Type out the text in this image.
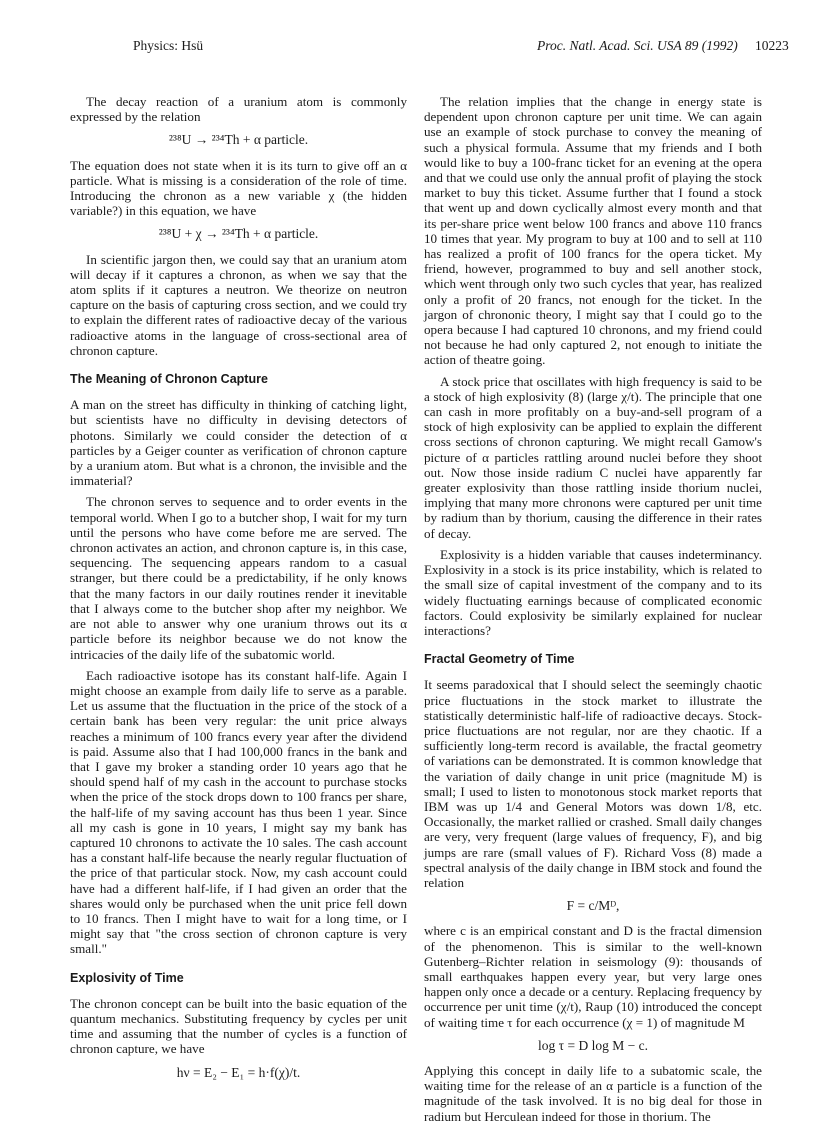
Physics: Hsü	Proc. Natl. Acad. Sci. USA 89 (1992) 10223

The decay reaction of a uranium atom is commonly expressed by the relation

²³⁸U → ²³⁴Th + α particle.

The equation does not state when it is its turn to give off an α particle. What is missing is a consideration of the role of time. Introducing the chronon as a new variable χ (the hidden variable?) in this equation, we have

²³⁸U + χ → ²³⁴Th + α particle.

In scientific jargon then, we could say that an uranium atom will decay if it captures a chronon, as when we say that the atom splits if it captures a neutron. We theorize on neutron capture on the basis of capturing cross section, and we could try to explain the different rates of radioactive decay of the various radioactive atoms in the language of cross-sectional area of chronon capture.

The Meaning of Chronon Capture

A man on the street has difficulty in thinking of catching light, but scientists have no difficulty in devising detectors of photons. Similarly we could consider the detection of α particles by a Geiger counter as verification of chronon capture by a uranium atom. But what is a chronon, the invisible and the immaterial?

The chronon serves to sequence and to order events in the temporal world. When I go to a butcher shop, I wait for my turn until the persons who have come before me are served. The chronon activates an action, and chronon capture is, in this case, sequencing. The sequencing appears random to a casual stranger, but there could be a predictability, if he only knows that the many factors in our daily routines render it inevitable that I always come to the butcher shop after my neighbor. We are not able to answer why one uranium throws out its α particle before its neighbor because we do not know the intricacies of the daily life of the subatomic world.

Each radioactive isotope has its constant half-life. Again I might choose an example from daily life to serve as a parable. Let us assume that the fluctuation in the price of the stock of a certain bank has been very regular: the unit price always reaches a minimum of 100 francs every year after the dividend is paid. Assume also that I had 100,000 francs in the bank and that I gave my broker a standing order 10 years ago that he should spend half of my cash in the account to purchase stocks when the price of the stock drops down to 100 francs per share, the half-life of my saving account has thus been 1 year. Since all my cash is gone in 10 years, I might say my bank has captured 10 chronons to activate the 10 sales. The cash account has a constant half-life because the nearly regular fluctuation of the price of that particular stock. Now, my cash account could have had a different half-life, if I had given an order that the shares would only be purchased when the unit price fell down to 10 francs. Then I might have to wait for a long time, or I might say that "the cross section of chronon capture is very small."

Explosivity of Time

The chronon concept can be built into the basic equation of the quantum mechanics. Substituting frequency by cycles per unit time and assuming that the number of cycles is a function of chronon capture, we have

hν = E₂ − E₁ = h·f(χ)/t.

The relation implies that the change in energy state is dependent upon chronon capture per unit time. We can again use an example of stock purchase to convey the meaning of such a physical formula. Assume that my friends and I both would like to buy a 100-franc ticket for an evening at the opera and that we could use only the annual profit of playing the stock market to buy this ticket. Assume further that I found a stock that went up and down cyclically almost every month and that its per-share price went below 100 francs and above 110 francs 10 times that year. My program to buy at 100 and to sell at 110 has realized a profit of 100 francs for the opera ticket. My friend, however, programmed to buy and sell another stock, which went through only two such cycles that year, has realized only a profit of 20 francs, not enough for the ticket. In the jargon of chrononic theory, I might say that I could go to the opera because I had captured 10 chronons, and my friend could not because he had only captured 2, not enough to initiate the action of theatre going.

A stock price that oscillates with high frequency is said to be a stock of high explosivity (8) (large χ/t). The principle that one can cash in more profitably on a buy-and-sell program of a stock of high explosivity can be applied to explain the different cross sections of chronon capturing. We might recall Gamow's picture of α particles rattling around nuclei before they shoot out. Now those inside radium C nuclei have apparently far greater explosivity than those rattling inside thorium nuclei, implying that many more chronons were captured per unit time by radium than by thorium, causing the difference in their rates of decay.

Explosivity is a hidden variable that causes indeterminancy. Explosivity in a stock is its price instability, which is related to the small size of capital investment of the company and to its widely fluctuating earnings because of complicated economic factors. Could explosivity be similarly explained for nuclear interactions?

Fractal Geometry of Time

It seems paradoxical that I should select the seemingly chaotic price fluctuations in the stock market to illustrate the statistically deterministic half-life of radioactive decays. Stock-price fluctuations are not regular, nor are they chaotic. If a sufficiently long-term record is available, the fractal geometry of variations can be demonstrated. It is common knowledge that the variation of daily change in unit price (magnitude M) is small; I used to listen to monotonous stock market reports that IBM was up 1/4 and General Motors was down 1/8, etc. Occasionally, the market rallied or crashed. Small daily changes are very, very frequent (large values of frequency, F), and big jumps are rare (small values of F). Richard Voss (8) made a spectral analysis of the daily change in IBM stock and found the relation

F = c/Mᴰ,

where c is an empirical constant and D is the fractal dimension of the phenomenon. This is similar to the well-known Gutenberg–Richter relation in seismology (9): thousands of small earthquakes happen every year, but very large ones happen only once a decade or a century. Replacing frequency by occurrence per unit time (χ/t), Raup (10) introduced the concept of waiting time τ for each occurrence (χ = 1) of magnitude M

log τ = D log M − c.

Applying this concept in daily life to a subatomic scale, the waiting time for the release of an α particle is a function of the magnitude of the task involved. It is no big deal for those in radium but Herculean indeed for those in thorium. The
